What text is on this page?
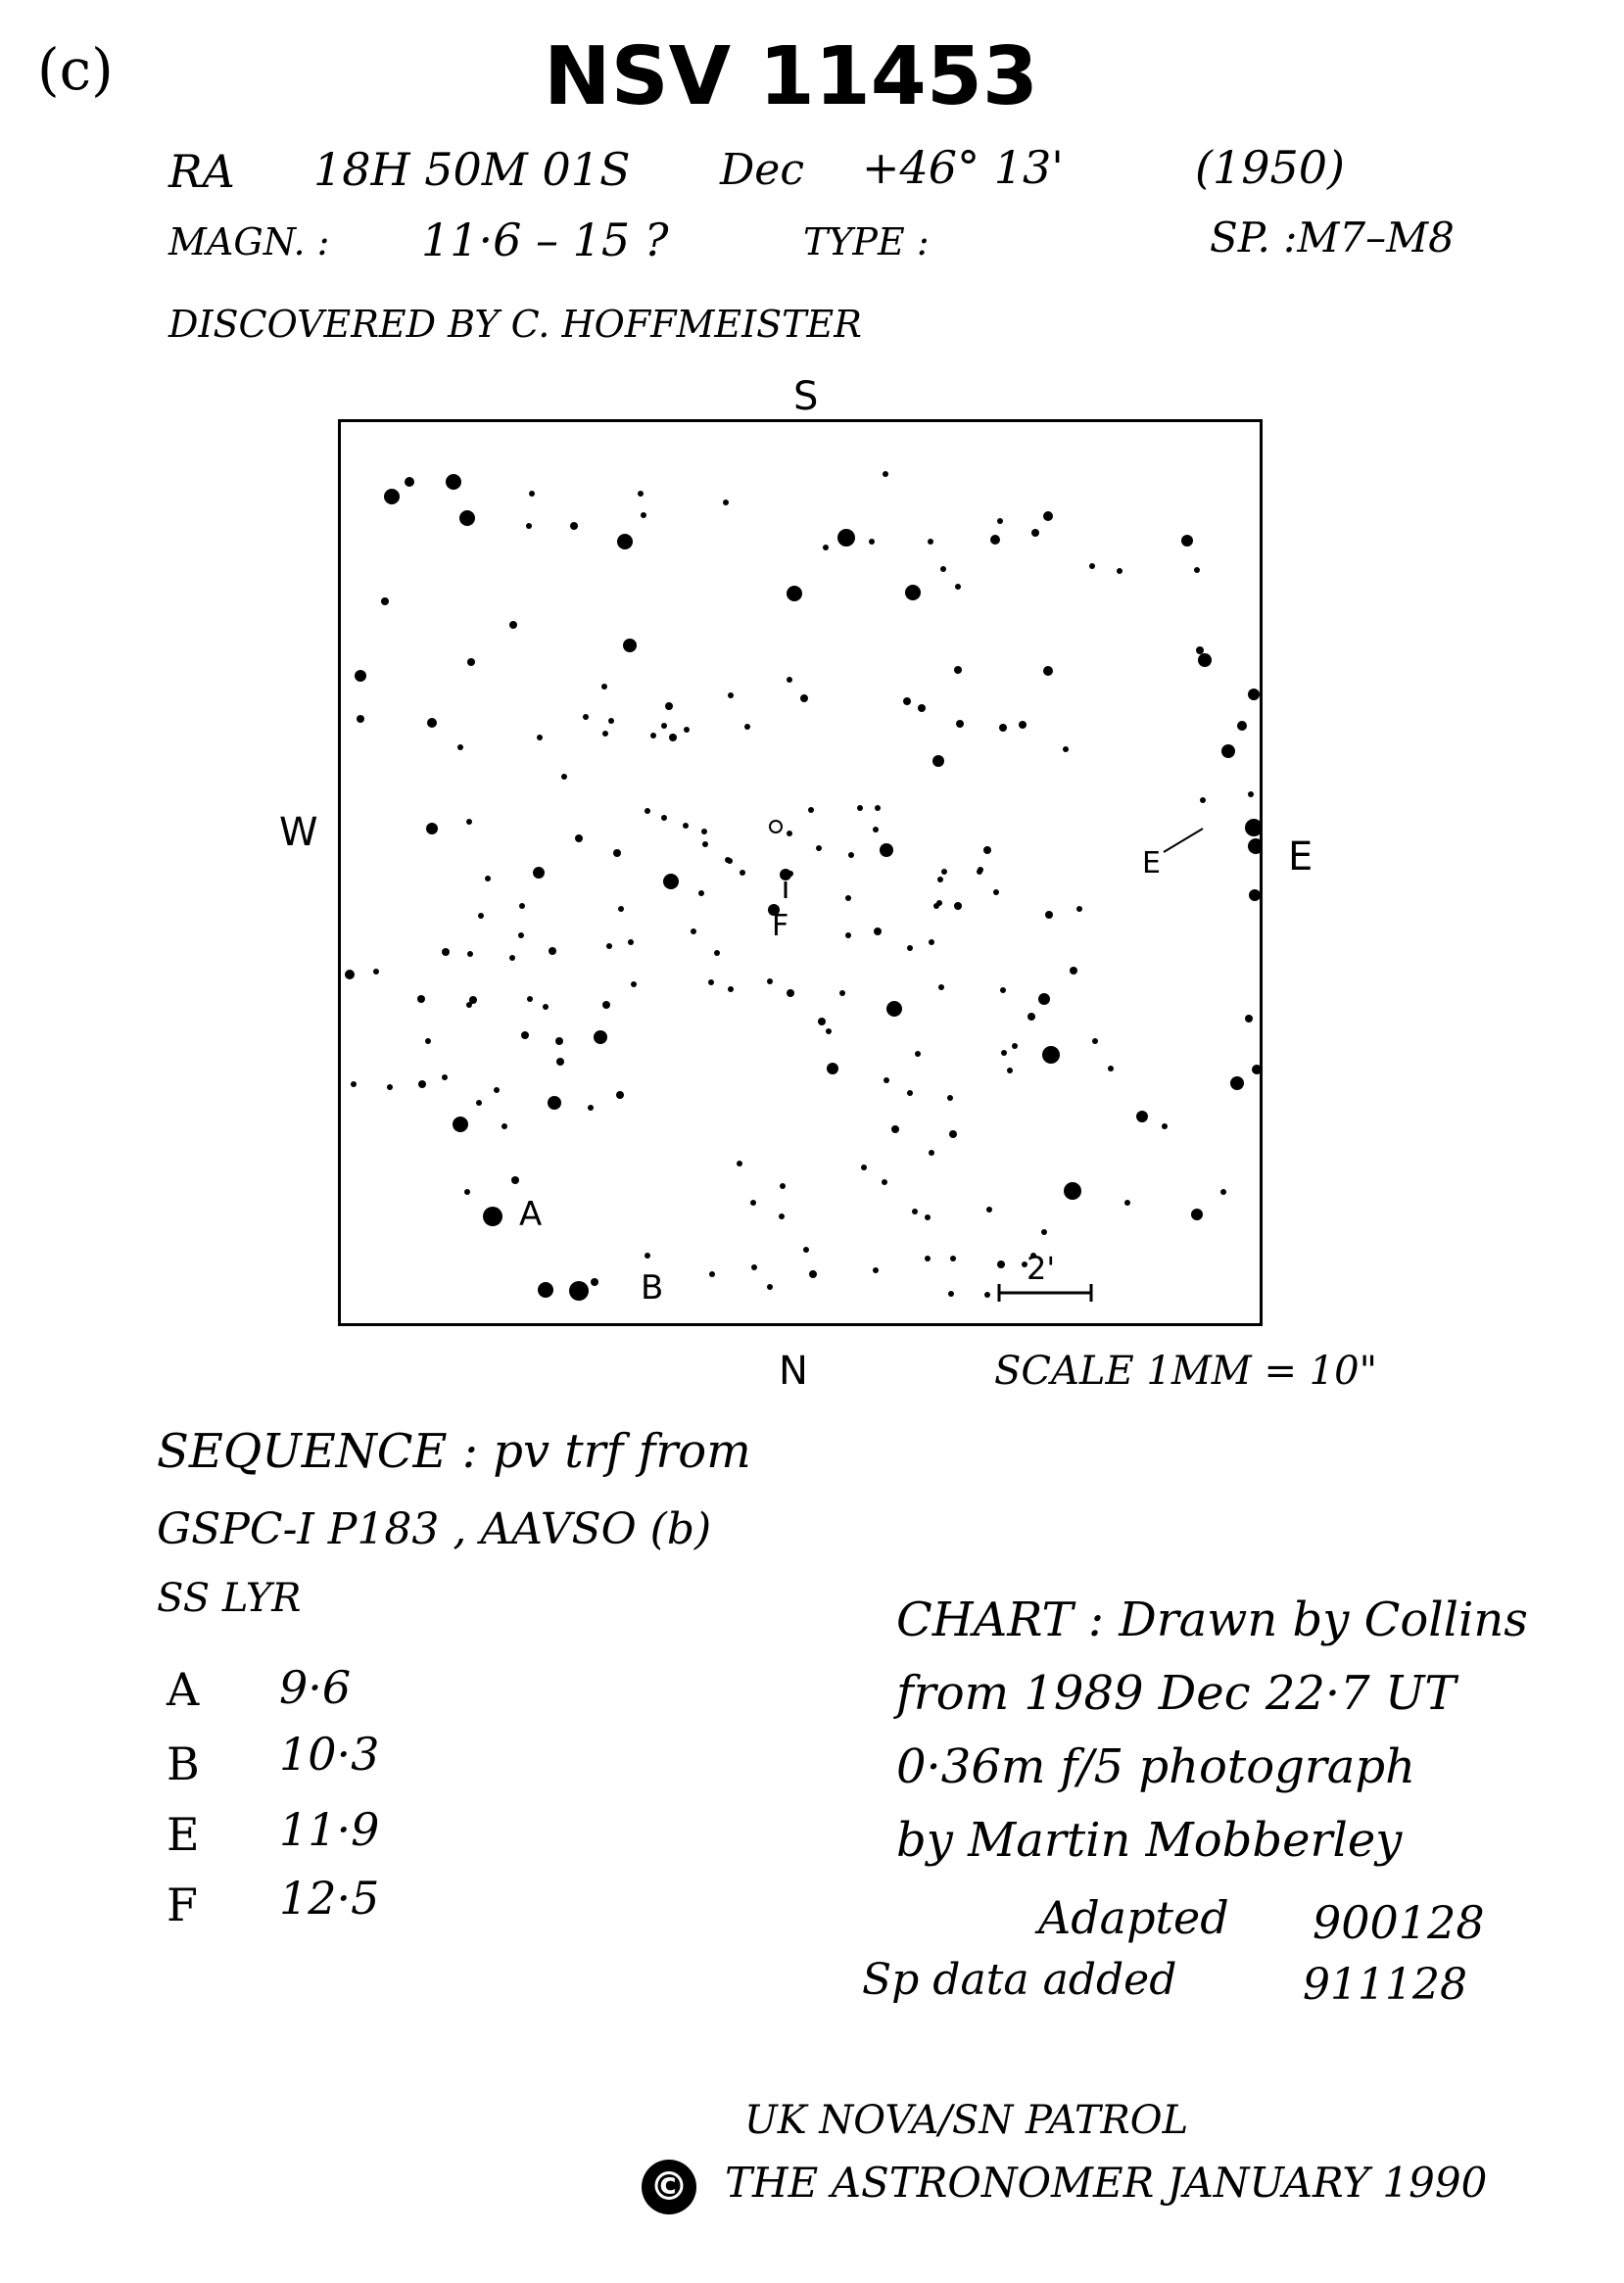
(c)	NSV 11453
RA 18H 50M 01S Dec +46° 13'	(1950)
MAGN. : 11·6 – 15 ?	TYPE :	SP. :M7–M8
DISCOVERED BY C. HOFFMEISTER
S
N
W
E
2'
A
B
E
F
SCALE 1MM = 10"
SEQUENCE : pv trf from
GSPC-I P183 , AAVSO (b)
SS LYR
A 9·6
B 10·3
E 11·9
F 12·5
CHART : Drawn by Collins
from 1989 Dec 22·7 UT
0·36m f/5 photograph
by Martin Mobberley
Adapted 900128
Sp data added	911128
UK NOVA/SN PATROL
© THE ASTRONOMER JANUARY 1990
